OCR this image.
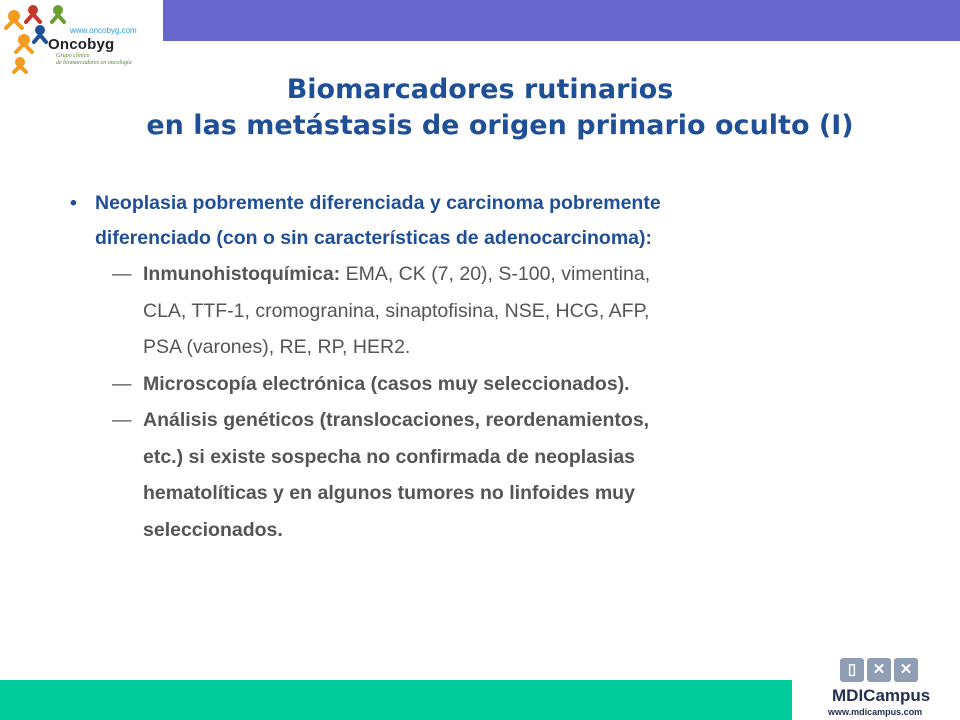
www.oncobyg.com
Oncobyg
Grupo clínico
de biomarcadores en oncología
Biomarcadores rutinarios
en las metástasis de origen primario oculto (I)
• Neoplasia pobremente diferenciada y carcinoma pobremente
diferenciado (con o sin características de adenocarcinoma):
— Inmunohistoquímica: EMA, CK (7, 20), S-100, vimentina,
CLA, TTF-1, cromogranina, sinaptofisina, NSE, HCG, AFP,
PSA (varones), RE, RP, HER2.
— Microscopía electrónica (casos muy seleccionados).
— Análisis genéticos (translocaciones, reordenamientos,
etc.) si existe sospecha no confirmada de neoplasias
hematolíticas y en algunos tumores no linfoides muy
seleccionados.
▯	✕ ✕
MDICampus
www.mdicampus.com
